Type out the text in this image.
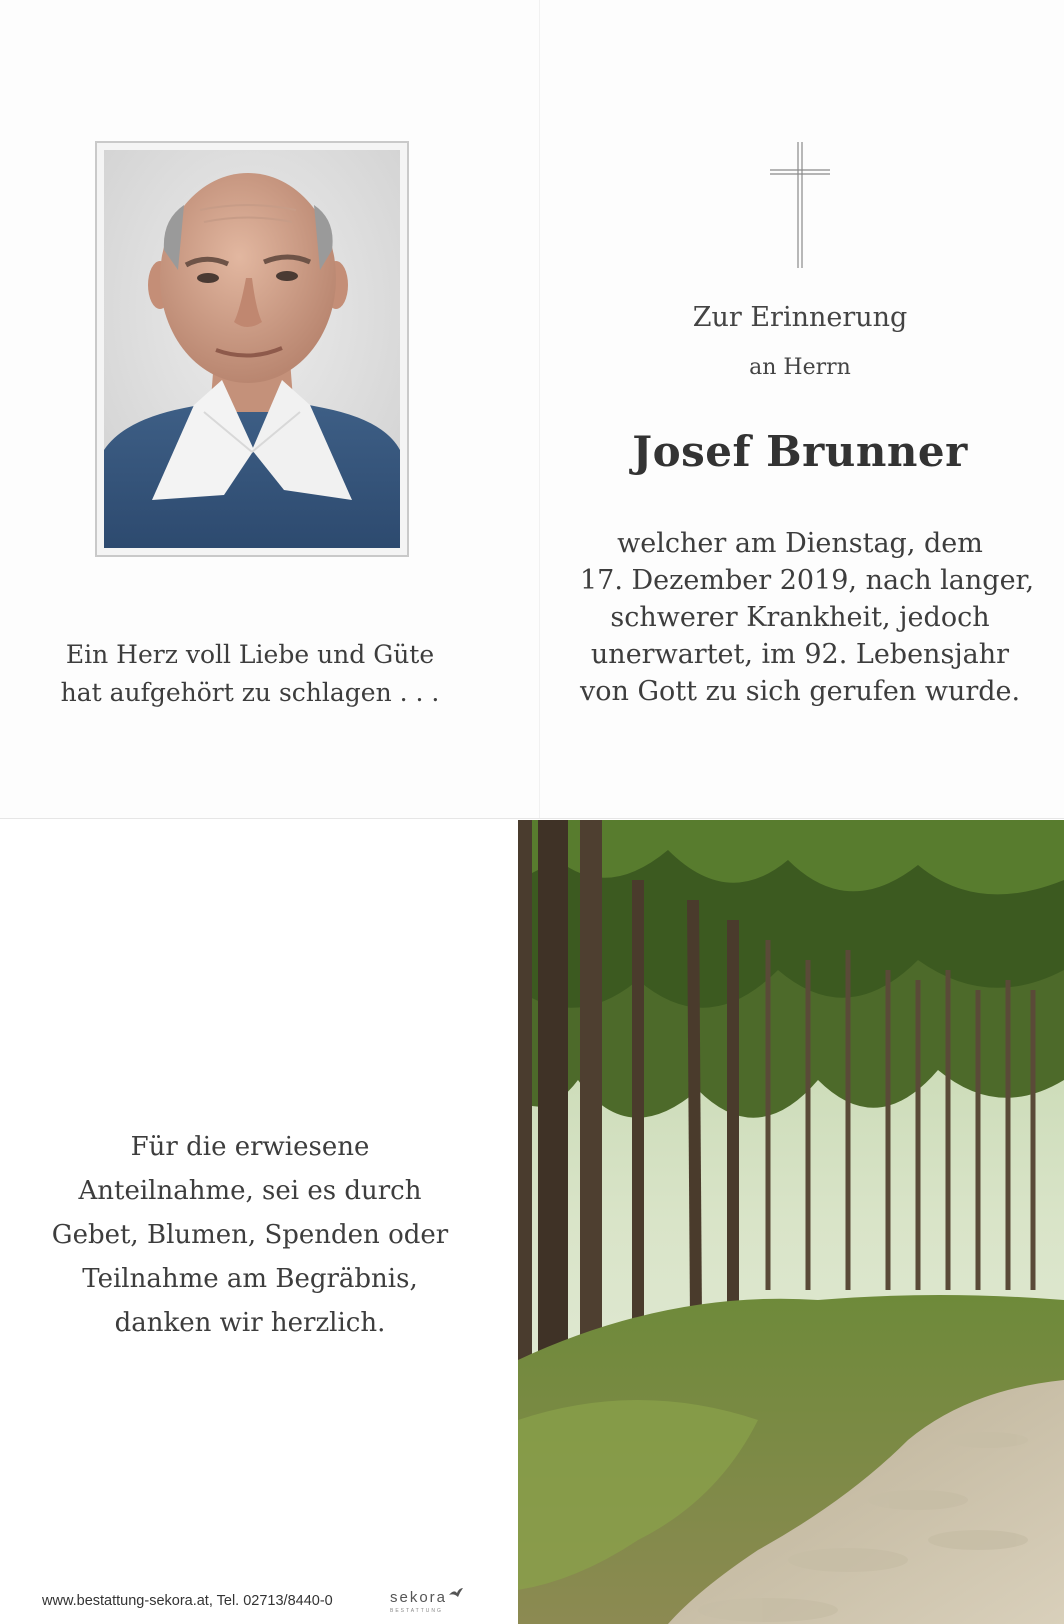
Ein Herz voll Liebe und Güte
hat aufgehört zu schlagen . . .
Zur Erinnerung
an Herrn
Josef Brunner
welcher am Dienstag, dem
17. Dezember 2019, nach langer,
schwerer Krankheit, jedoch
unerwartet, im 92. Lebensjahr
von Gott zu sich gerufen wurde.
Für die erwiesene
Anteilnahme, sei es durch
Gebet, Blumen, Spenden oder
Teilnahme am Begräbnis,
danken wir herzlich.
www.bestattung-sekora.at, Tel. 02713/8440-0	sekora
BESTATTUNG
